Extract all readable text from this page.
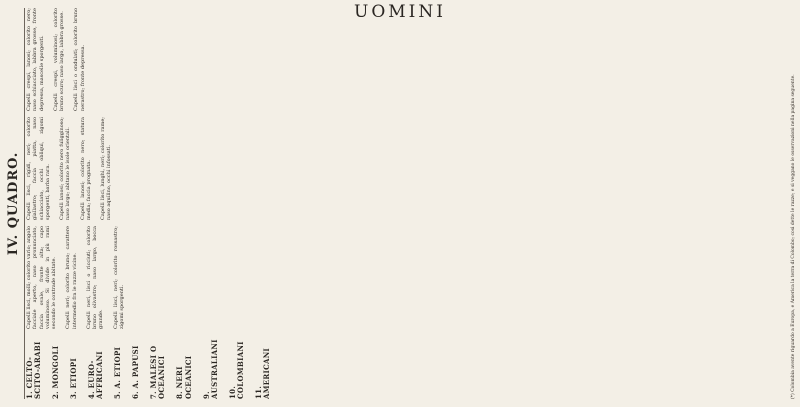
IV. QUADRO.
1. CELTO-SCITO-ARABI 2. MONGOLI
3. ETIOPI
4. EURO-AFFRICANI 5. A. ETIOPI
6. A. PAPUSI
7. MALESI O OCEANICI 8. NERI OCEANICI 9. AUSTRALIANI 10. COLOMBIANI 11. AMERICANI

Capelli lisci, molli; colorito vario; angolo facciale aperto, naso pronunciato, faccia ovale, fronte alta; capo voluminoso. Si divide in più rami secondo le contrade abitate. Capelli neri; colorito bruno; carattere intermedio fra le razze vicine. Capelli neri, lisci o ricciuti; colorito bruno olivastro; naso largo, bocca grande. Capelli lisci, neri; colorito rossastro; zigomi sporgenti.

Capelli lisci, rigidi, neri; colorito giallastro; faccia piatta, naso schiacciato, occhi obliqui, zigomi sporgenti, barba rara. Capelli lanosi; colorito nero fuligginoso; naso largo; abitano le isole orientali. Capelli lanosi; colorito nero; statura media; faccia prognata. Capelli lisci, lunghi, neri; colorito rame; naso aquilino, occhi infossati.

Capelli crespi, lanosi; colorito nero; naso schiacciato, labbra grosse, fronte depressa, mascelle sporgenti. Capelli crespi, voluminosi; colorito bruno scuro; naso largo, labbra grosse. Capelli lisci o ondulati; colorito bruno nerastro; fronte depressa.	(*) Colombia avente riguardo a Europa, e America la terra di Colombo; così dette le razze; e si veggano le osservazioni nella pagina seguente.
UOMINI
